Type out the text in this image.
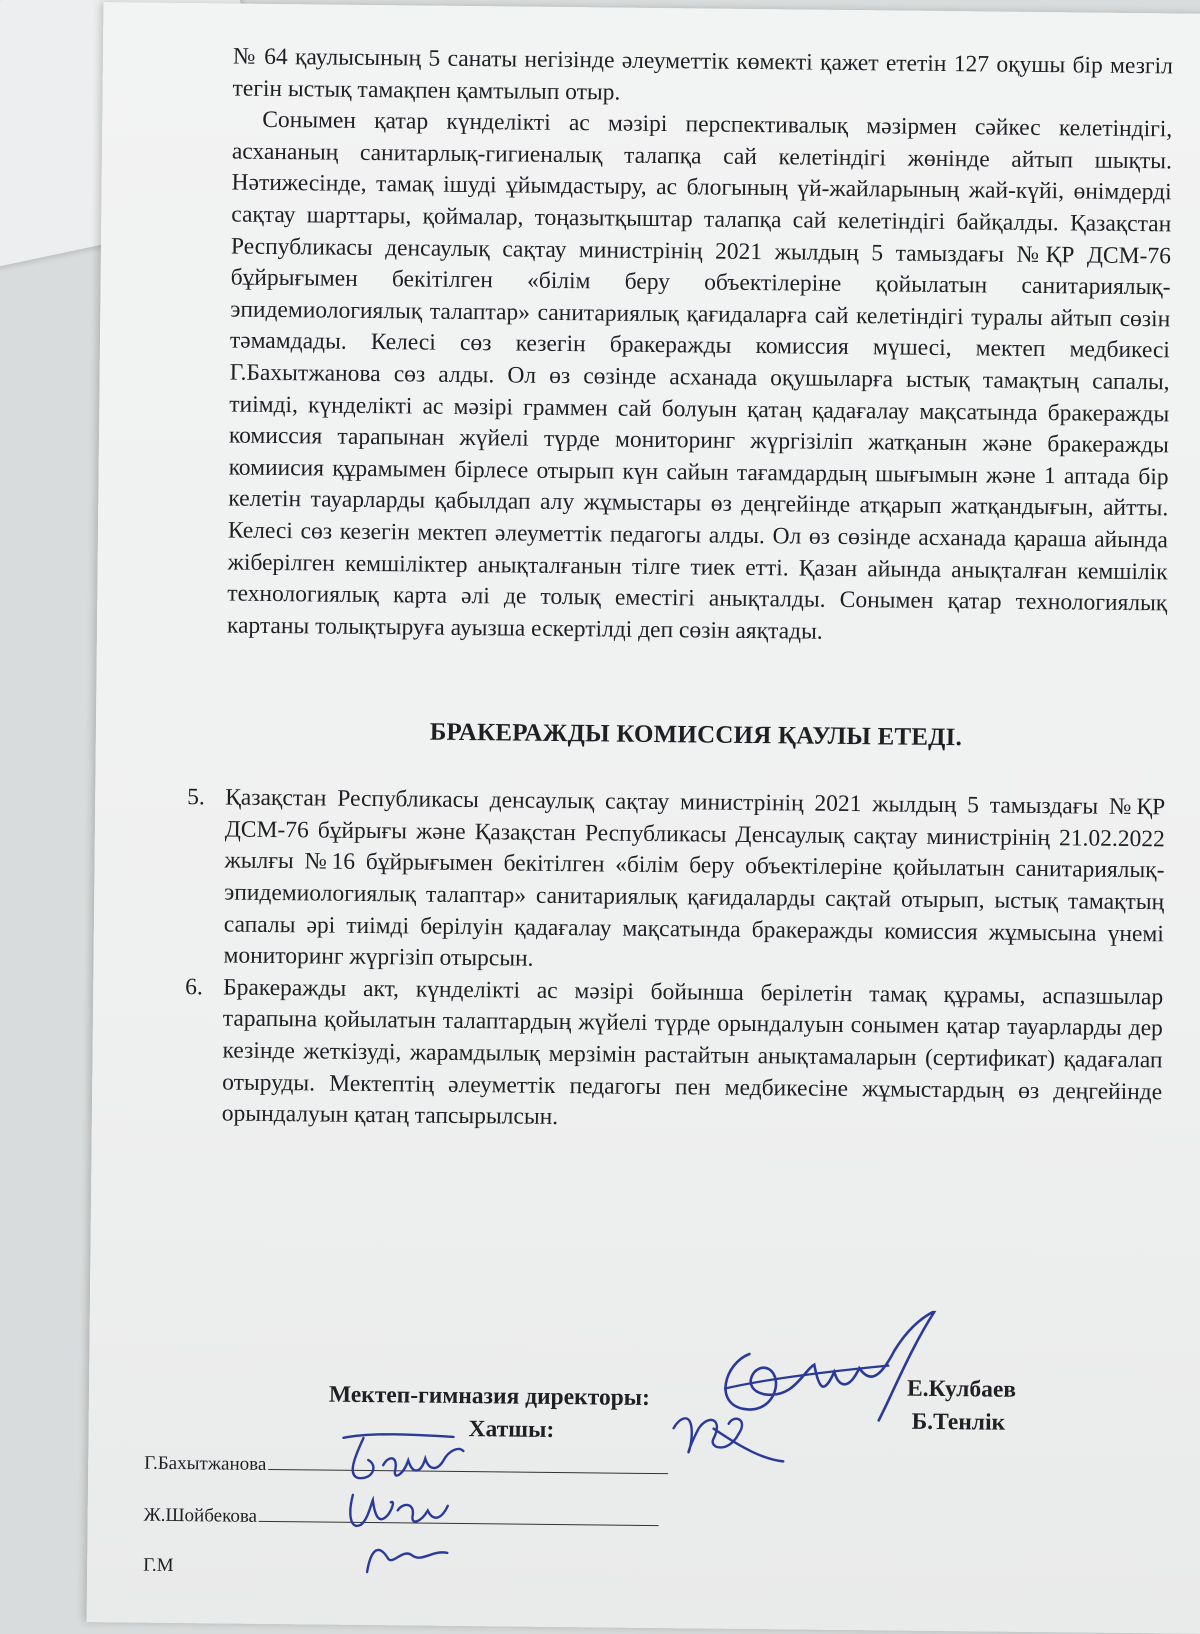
№ 64 қаулысының 5 санаты негізінде әлеуметтік көмекті қажет ететін 127 оқушы бір мезгіл тегін ыстық тамақпен қамтылып отыр.

Сонымен қатар күнделікті ас мәзірі перспективалық мәзірмен сәйкес келетіндігі, асхананың санитарлық-гигиеналық талапқа сай келетіндігі жөнінде айтып шықты. Нәтижесінде, тамақ ішуді ұйымдастыру, ас блогының үй-жайларының жай-күйі, өнімдерді сақтау шарттары, қоймалар, тоңазытқыштар талапқа сай келетіндігі байқалды. Қазақстан Республикасы денсаулық сақтау министрінің 2021 жылдың 5 тамыздағы №ҚР ДСМ-76 бұйрығымен бекітілген «білім беру объектілеріне қойылатын санитариялық-эпидемиологиялық талаптар» санитариялық қағидаларға сай келетіндігі туралы айтып сөзін тәмамдады. Келесі сөз кезегін бракеражды комиссия мүшесі, мектеп медбикесі Г.Бахытжанова сөз алды. Ол өз сөзінде асханада оқушыларға ыстық тамақтың сапалы, тиімді, күнделікті ас мәзірі граммен сай болуын қатаң қадағалау мақсатында бракеражды комиссия тарапынан жүйелі түрде мониторинг жүргізіліп жатқанын және бракеражды комиисия құрамымен бірлесе отырып күн сайын тағамдардың шығымын және 1 аптада бір келетін тауарларды қабылдап алу жұмыстары өз деңгейінде атқарып жатқандығын, айтты. Келесі сөз кезегін мектеп әлеуметтік педагогы алды. Ол өз сөзінде асханада қараша айында жіберілген кемшіліктер анықталғанын тілге тиек етті. Қазан айында анықталған кемшілік технологиялық карта әлі де толық еместігі анықталды. Сонымен қатар технологиялық картаны толықтыруға ауызша ескертілді деп сөзін аяқтады.

БРАКЕРАЖДЫ КОМИССИЯ ҚАУЛЫ ЕТЕДІ.
5. Қазақстан Республикасы денсаулық сақтау министрінің 2021 жылдың 5 тамыздағы №ҚР ДСМ-76 бұйрығы және Қазақстан Республикасы Денсаулық сақтау министрінің 21.02.2022 жылғы №16 бұйрығымен бекітілген «білім беру объектілеріне қойылатын санитариялық-эпидемиологиялық талаптар» санитариялық қағидаларды сақтай отырып, ыстық тамақтың сапалы әрі тиімді берілуін қадағалау мақсатында бракеражды комиссия жұмысына үнемі мониторинг жүргізіп отырсын.

6. Бракеражды акт, күнделікті ас мәзірі бойынша берілетін тамақ құрамы, аспазшылар тарапына қойылатын талаптардың жүйелі түрде орындалуын сонымен қатар тауарларды дер кезінде жеткізуді, жарамдылық мерзімін растайтын анықтамаларын (сертификат) қадағалап отыруды. Мектептің әлеуметтік педагогы пен медбикесіне жұмыстардың өз деңгейінде орындалуын қатаң тапсырылсын.

Мектеп-гимназия директоры:
Хатшы:
Е.Кулбаев
Б.Тенлік
Г.Бахытжанова
Ж.Шойбекова
Г.М
